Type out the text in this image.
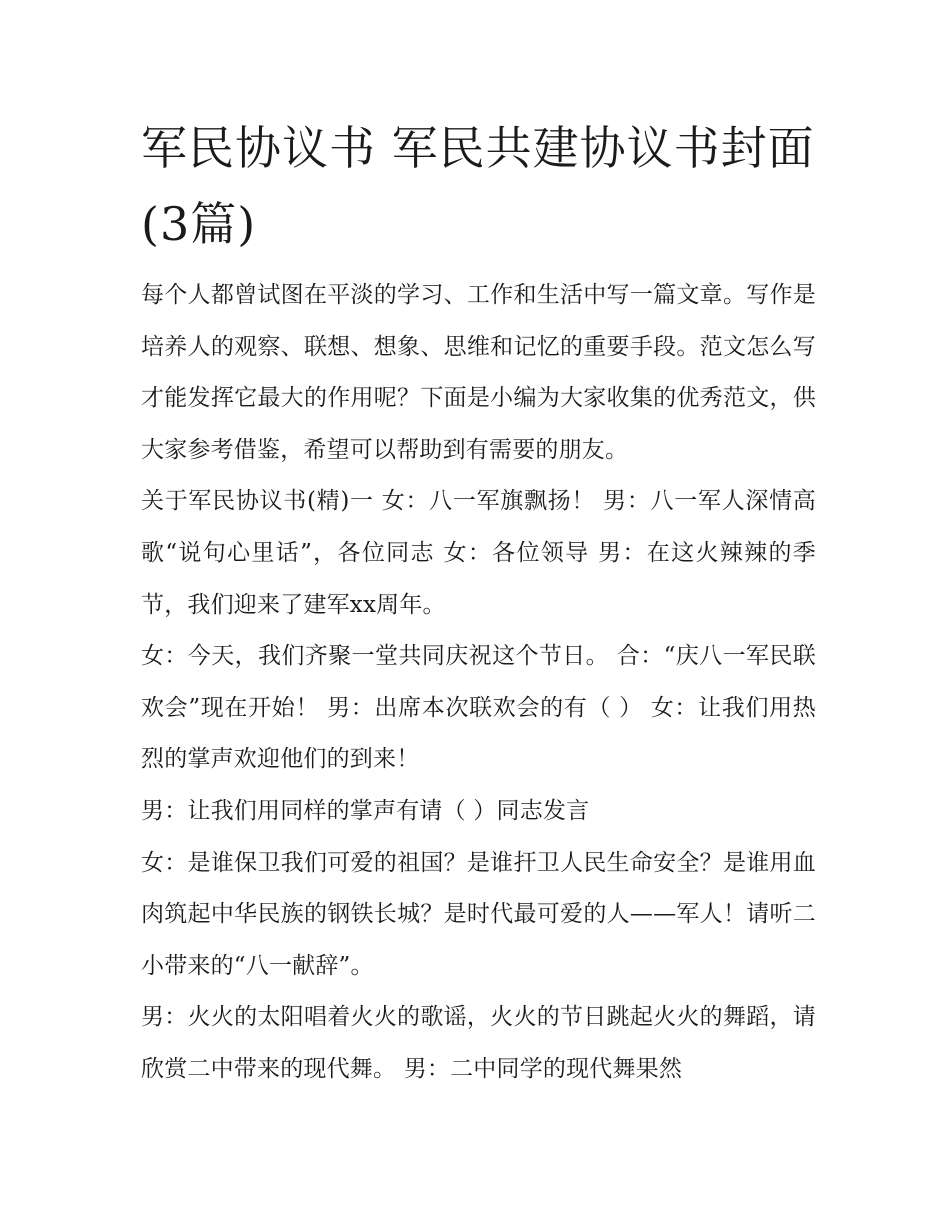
军民协议书 军民共建协议书封面(3篇)

每个人都曾试图在平淡的学习、工作和生活中写一篇文章。写作是培养人的观察、联想、想象、思维和记忆的重要手段。范文怎么写才能发挥它最大的作用呢？下面是小编为大家收集的优秀范文，供大家参考借鉴，希望可以帮助到有需要的朋友。

关于军民协议书(精)一 女：八一军旗飘扬！ 男：八一军人深情高歌“说句心里话”，各位同志 女：各位领导 男：在这火辣辣的季节，我们迎来了建军xx周年。

女：今天，我们齐聚一堂共同庆祝这个节日。 合：“庆八一军民联欢会”现在开始！ 男：出席本次联欢会的有（ ） 女：让我们用热烈的掌声欢迎他们的到来！

男：让我们用同样的掌声有请（ ）同志发言

女：是谁保卫我们可爱的祖国？是谁扞卫人民生命安全？是谁用血肉筑起中华民族的钢铁长城？是时代最可爱的人——军人！请听二小带来的“八一献辞”。

男：火火的太阳唱着火火的歌谣，火火的节日跳起火火的舞蹈，请欣赏二中带来的现代舞。 男：二中同学的现代舞果然
